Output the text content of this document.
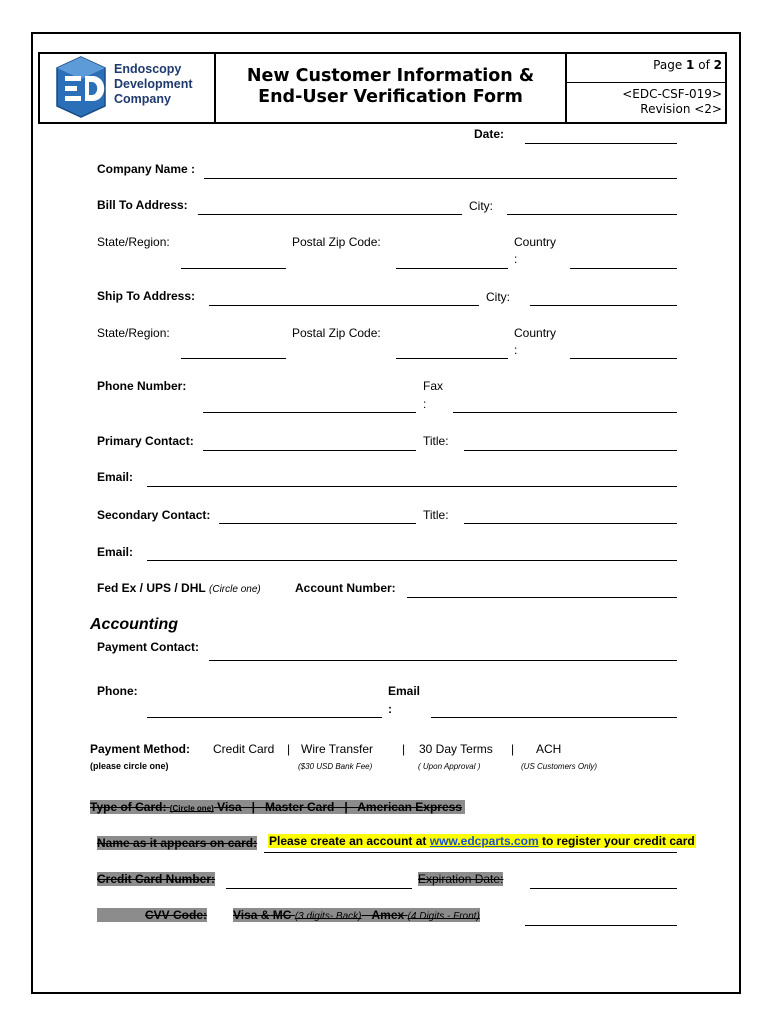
Endoscopy
Development
Company
New Customer Information &
End-User Verification Form
Page 1 of 2
<EDC-CSF-019>
Revision <2>
Date:
Company Name :
Bill To Address:	City:
State/Region:	Postal Zip Code:	Country
:
Ship To Address:	City:
State/Region:	Postal Zip Code:	Country
:
Phone Number:	Fax
:
Primary Contact:	Title:
Email:
Secondary Contact:	Title:
Email:
Fed Ex / UPS / DHL (Circle one)	Account Number:
Accounting
Payment Contact:
Phone:	Email
:
Payment Method:
(please circle one)
Credit Card | Wire Transfer
($30 USD Bank Fee)
| 30 Day Terms
( Upon Approval )
| ACH
(US Customers Only)
Type of Card: (Circle one) Visa   |   Master Card   |   American Express
Name as it appears on card: Please create an account at www.edcparts.com to register your credit card
Credit Card Number:	Expiration Date:
CVV Code: Visa & MC (3 digits- Back) Amex (4 Digits - Front)
